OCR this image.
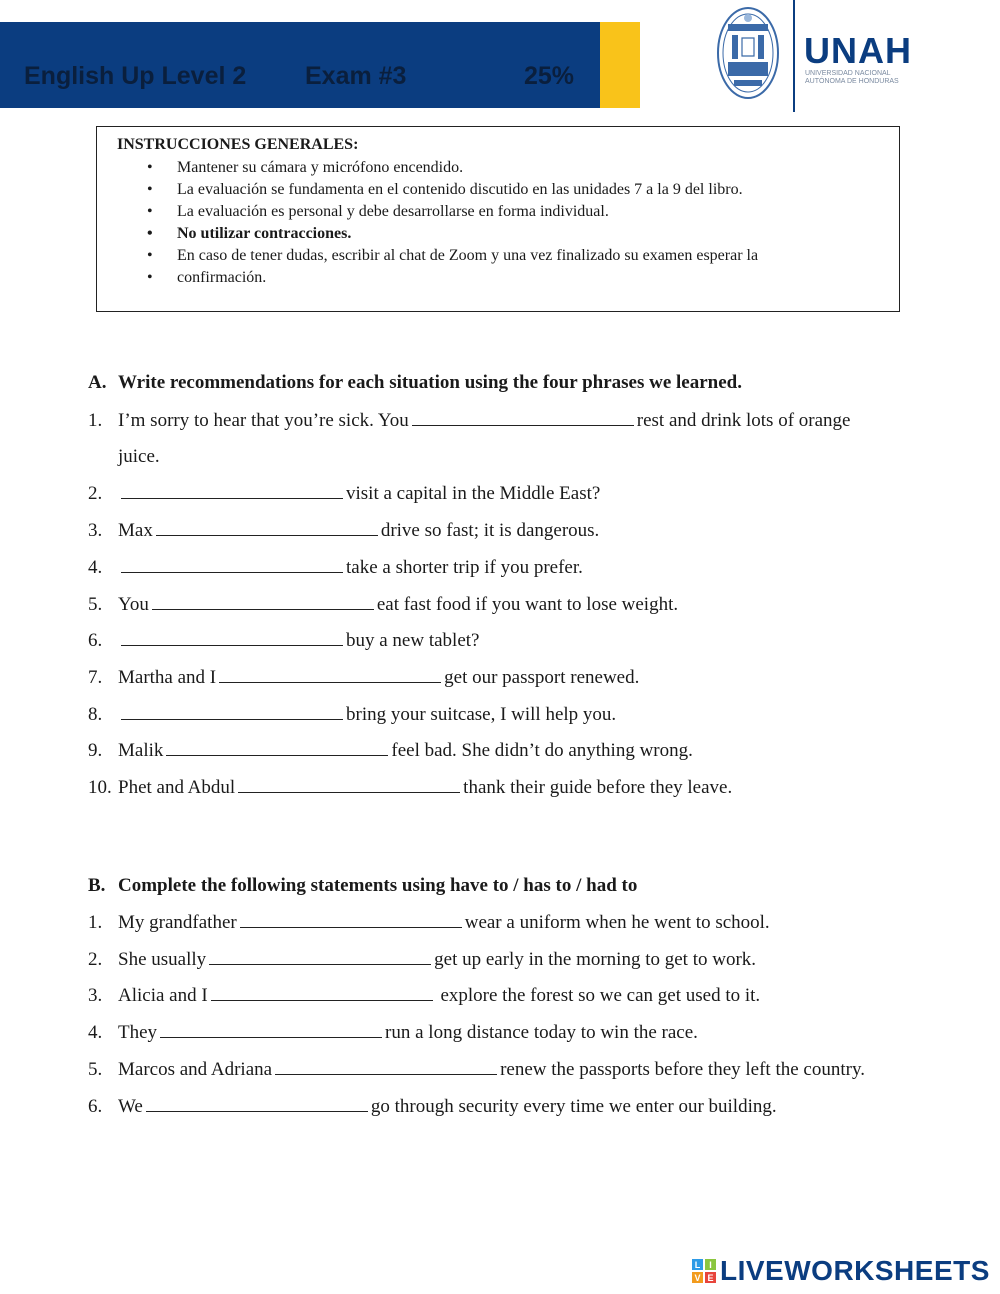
English Up Level 2 Exam #3	25%
UNAH
UNIVERSIDAD NACIONAL
AUTÓNOMA DE HONDURAS
INSTRUCCIONES GENERALES:
• Mantener su cámara y micrófono encendido.
• La evaluación se fundamenta en el contenido discutido en las unidades 7 a la 9 del libro.
• La evaluación es personal y debe desarrollarse en forma individual.
• No utilizar contracciones.
• En caso de tener dudas, escribir al chat de Zoom y una vez finalizado su examen esperar la
• confirmación.
A. Write recommendations for each situation using the four phrases we learned.
1. I’m sorry to hear that you’re sick. You	rest and drink lots of orange
juice.
2.	visit a capital in the Middle East?
3. Max	drive so fast; it is dangerous.
4.	take a shorter trip if you prefer.
5. You	eat fast food if you want to lose weight.
6.	buy a new tablet?
7. Martha and I	get our passport renewed.
8.	bring your suitcase, I will help you.
9. Malik	feel bad. She didn’t do anything wrong.
10. Phet and Abdul	thank their guide before they leave.
B. Complete the following statements using have to / has to / had to
1. My grandfather	wear a uniform when he went to school.
2. She usually	get up early in the morning to get to work.
3. Alicia and I	explore the forest so we can get used to it.
4. They	run a long distance today to win the race.
5. Marcos and Adriana	renew the passports before they left the country.
6. We	go through security every time we enter our building.
L I
V E LIVEWORKSHEETS
